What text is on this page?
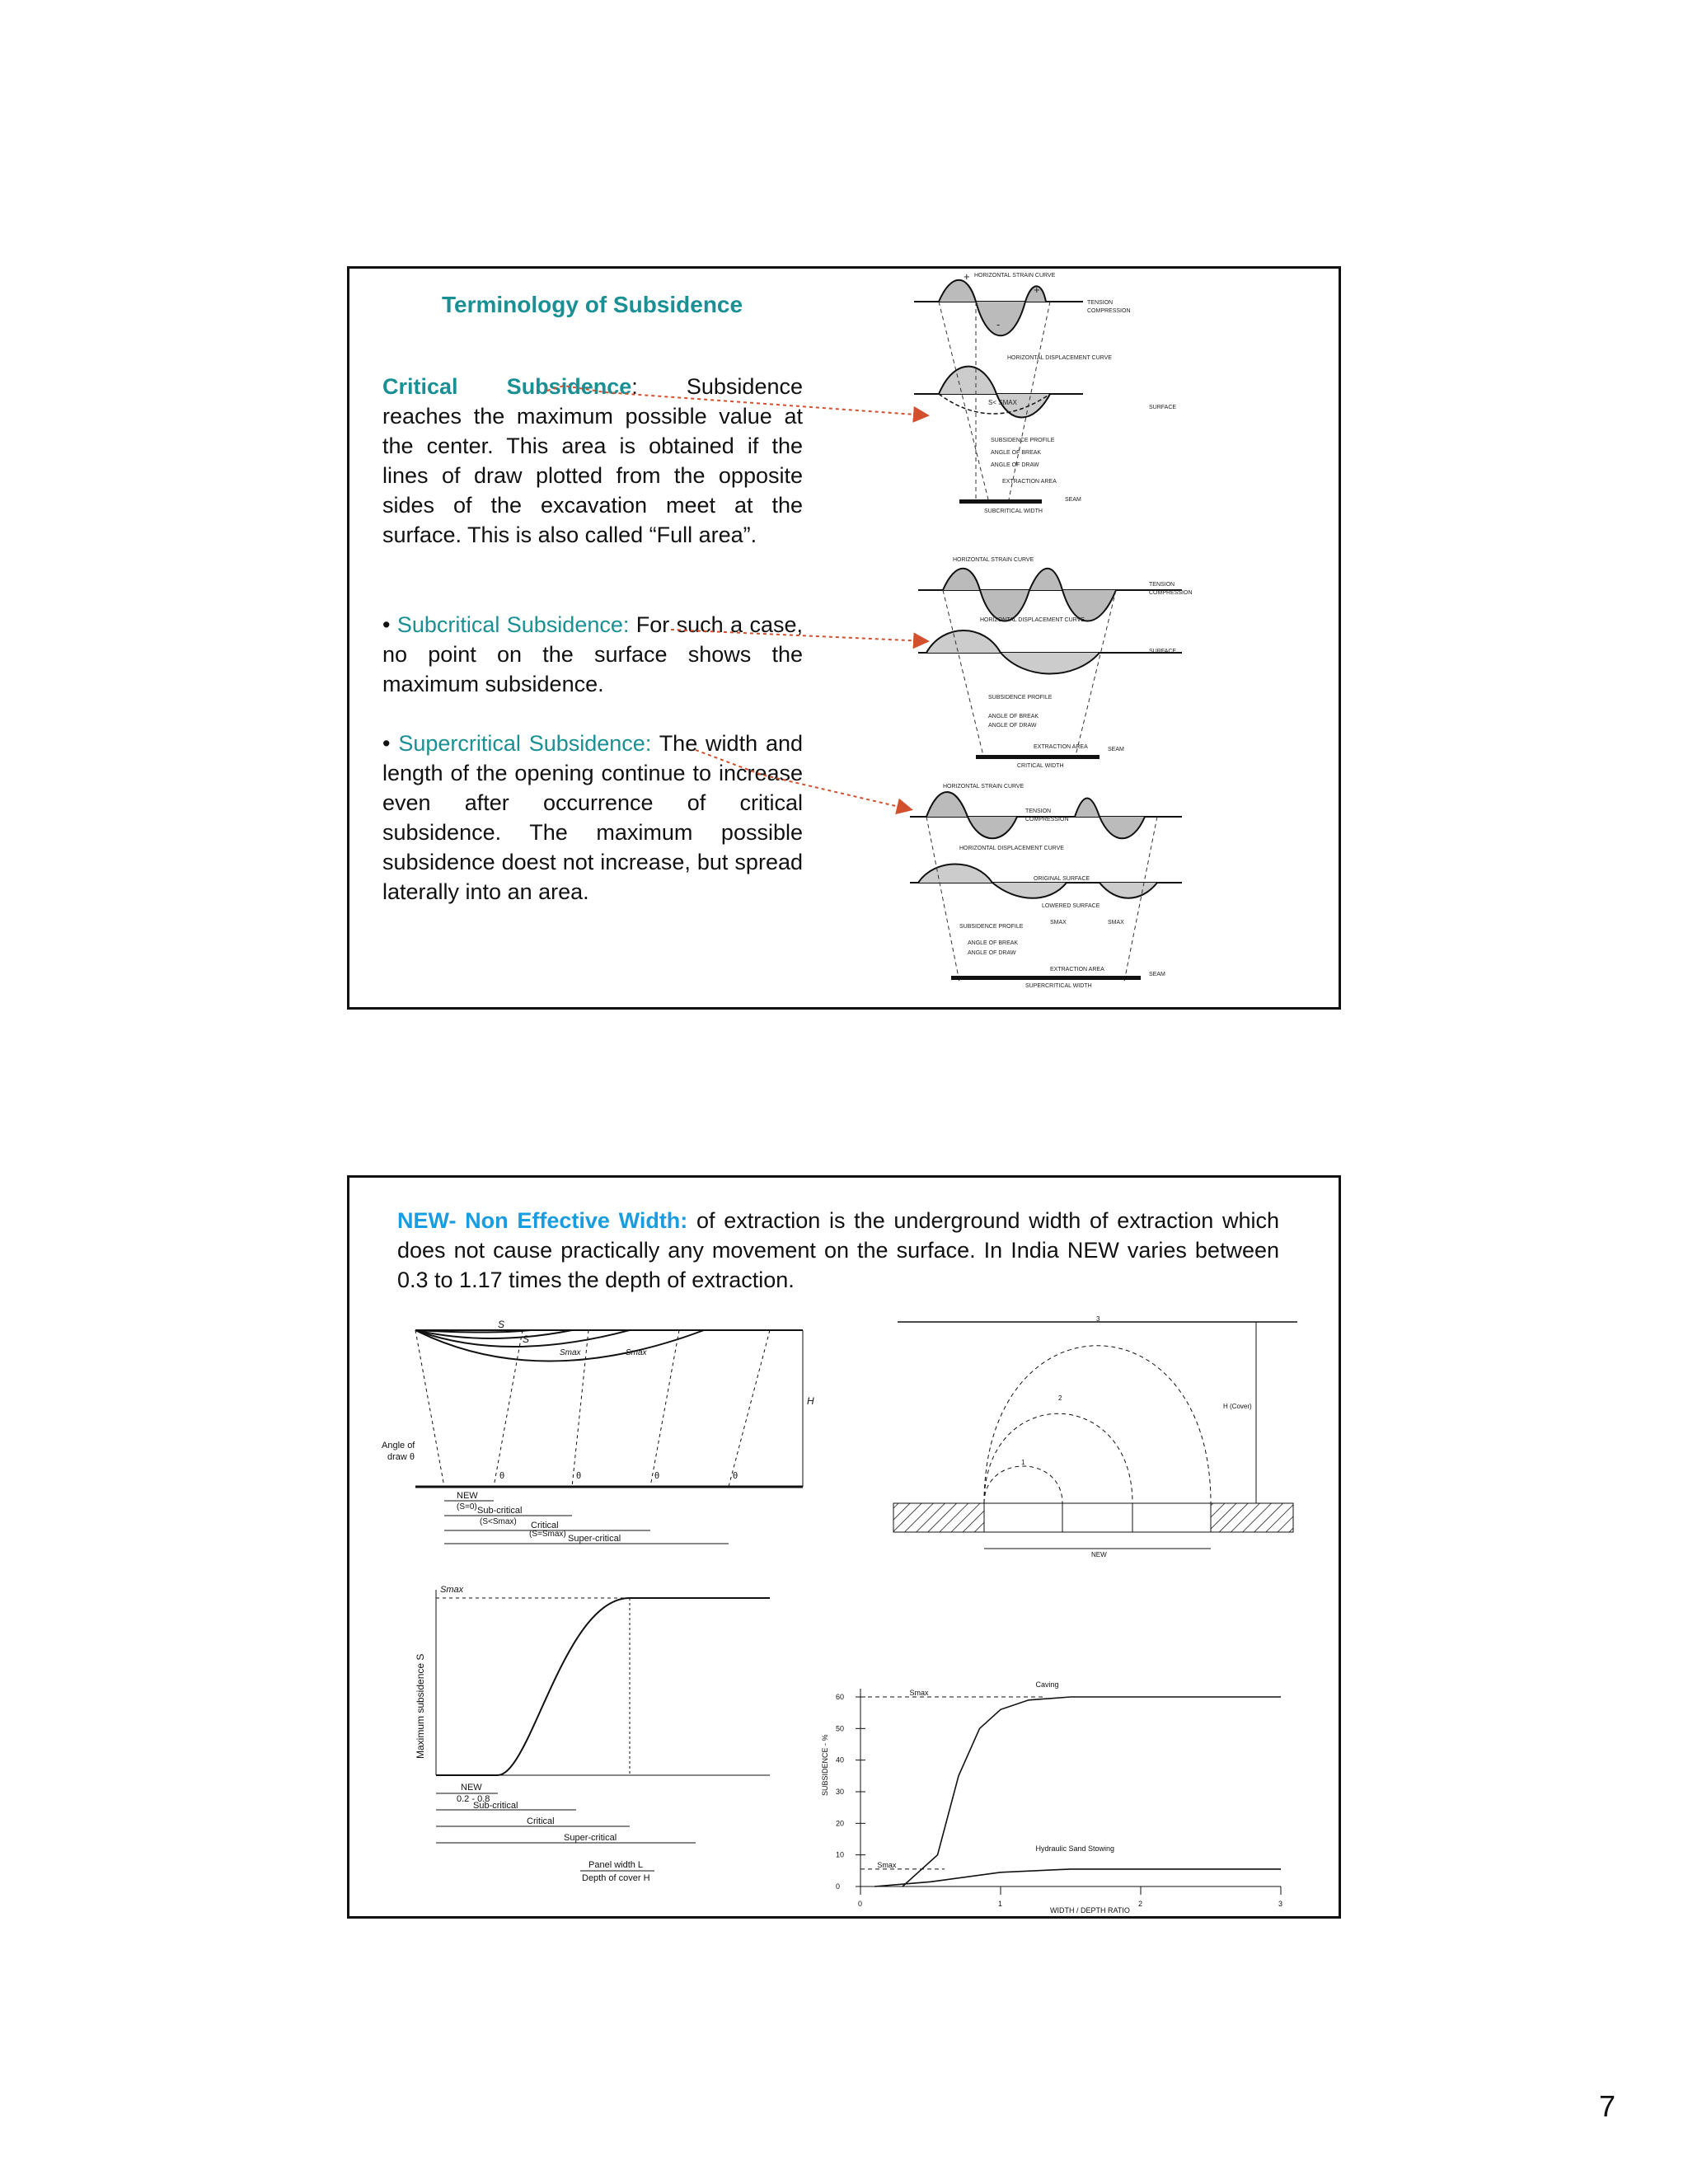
Terminology of Subsidence
Critical Subsidence: Subsidence reaches the maximum possible value at the center. This area is obtained if the lines of draw plotted from the opposite sides of the excavation meet at the surface. This is also called “Full area”.
• Subcritical Subsidence: For such a case, no point on the surface shows the maximum subsidence.
• Supercritical Subsidence: The width and length of the opening continue to increase even after occurrence of critical subsidence. The maximum possible subsidence doest not increase, but spread laterally into an area.
+
+
-
HORIZONTAL STRAIN CURVE
HORIZONTAL DISPLACEMENT CURVE
S< SMAX
SURFACE
SUBSIDENCE PROFILE
ANGLE OF BREAK
ANGLE OF DRAW
EXTRACTION AREA
SEAM
SUBCRITICAL WIDTH
TENSION
COMPRESSION
HORIZONTAL STRAIN CURVE
TENSION
COMPRESSION
HORIZONTAL DISPLACEMENT CURVE
SURFACE
SUBSIDENCE PROFILE
ANGLE OF BREAK
ANGLE OF DRAW
EXTRACTION AREA	SEAM
CRITICAL WIDTH
HORIZONTAL STRAIN CURVE
TENSION
COMPRESSION
HORIZONTAL DISPLACEMENT CURVE
ORIGINAL SURFACE
LOWERED SURFACE
SUBSIDENCE PROFILE
SMAX	SMAX
ANGLE OF BREAK
ANGLE OF DRAW
EXTRACTION AREA
SEAM
SUPERCRITICAL WIDTH
NEW- Non Effective Width: of extraction is the underground width of extraction which does not cause practically any movement on the surface. In India NEW varies between 0.3 to 1.17 times the depth of extraction.
S
S
Smax	Smax
H
Angle of
draw θ
θ	θ	θ	θ
NEW
(S=0) Sub-critical
(S<Smax) Critical
(S=Smax) Super-critical
1
2
3
H (Cover)
NEW
Smax
Maximum subsidence S
NEW
0.2 - 0.8
Sub-critical
Critical
Super-critical
Panel width L
Depth of cover H
SUBSIDENCE - %
WIDTH / DEPTH RATIO
0
10
20
30
40
50
60
0	1	2	3
Caving
Hydraulic Sand Stowing
Smax
Smax
7
